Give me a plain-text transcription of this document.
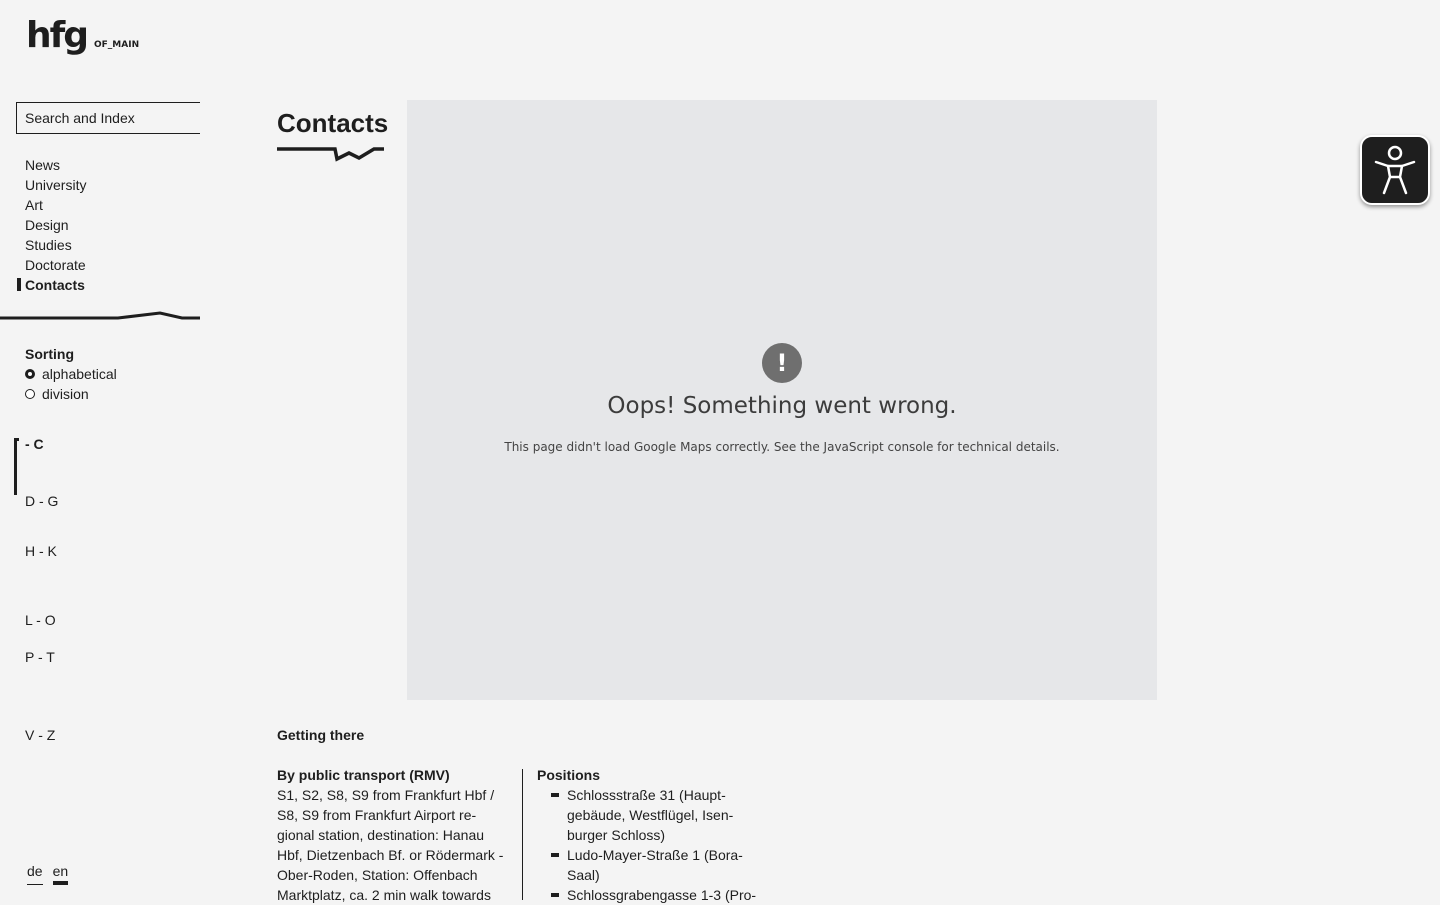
hfg OF_MAIN
Search and Index
News
University
Art
Design
Studies
Doctorate
Contacts
Sorting
alphabetical
division
- C
D - G
H - K
L - O
P - T
V - Z
de en
Contacts
!
Oops! Something went wrong.
This page didn't load Google Maps correctly. See the JavaScript console for technical details.
Getting there
By public transport (RMV)
S1, S2, S8, S9 from Frankfurt Hbf / S8, S9 from Frankfurt Airport regional station, destination: Hanau Hbf, Dietzenbach Bf. or Rödermark - Ober-Roden, Station: Offenbach Marktplatz, ca. 2 min walk towards
Positions
Schlossstraße 31 (Hauptgebäude, Westflügel, Isenburger Schloss)
Ludo-Mayer-Straße 1 (Bora-Saal)
Schlossgrabengasse 1-3 (Pro-
